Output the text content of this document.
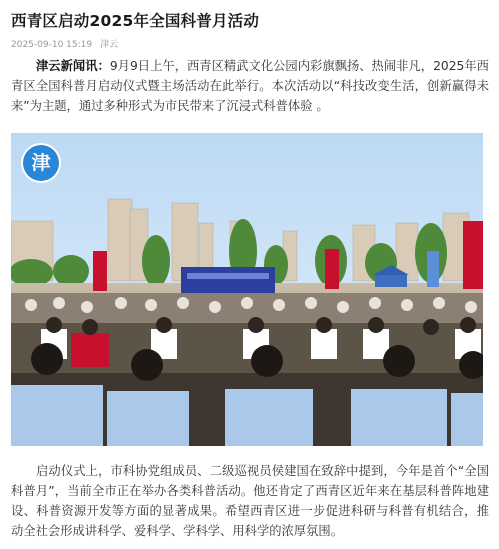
西青区启动2025年全国科普月活动
2025-09-10 15:19 津云
津云新闻讯：9月9日上午，西青区精武文化公园内彩旗飘扬、热闹非凡，2025年西青区全国科普月启动仪式暨主场活动在此举行。本次活动以“科技改变生活，创新赢得未来”为主题，通过多种形式为市民带来了沉浸式科普体验 。
津
启动仪式上，市科协党组成员、二级巡视员侯建国在致辞中提到，今年是首个“全国科普月”，当前全市正在举办各类科普活动。他还肯定了西青区近年来在基层科普阵地建设、科普资源开发等方面的显著成果。希望西青区进一步促进科研与科普有机结合，推动全社会形成讲科学、爱科学、学科学、用科学的浓厚氛围。
